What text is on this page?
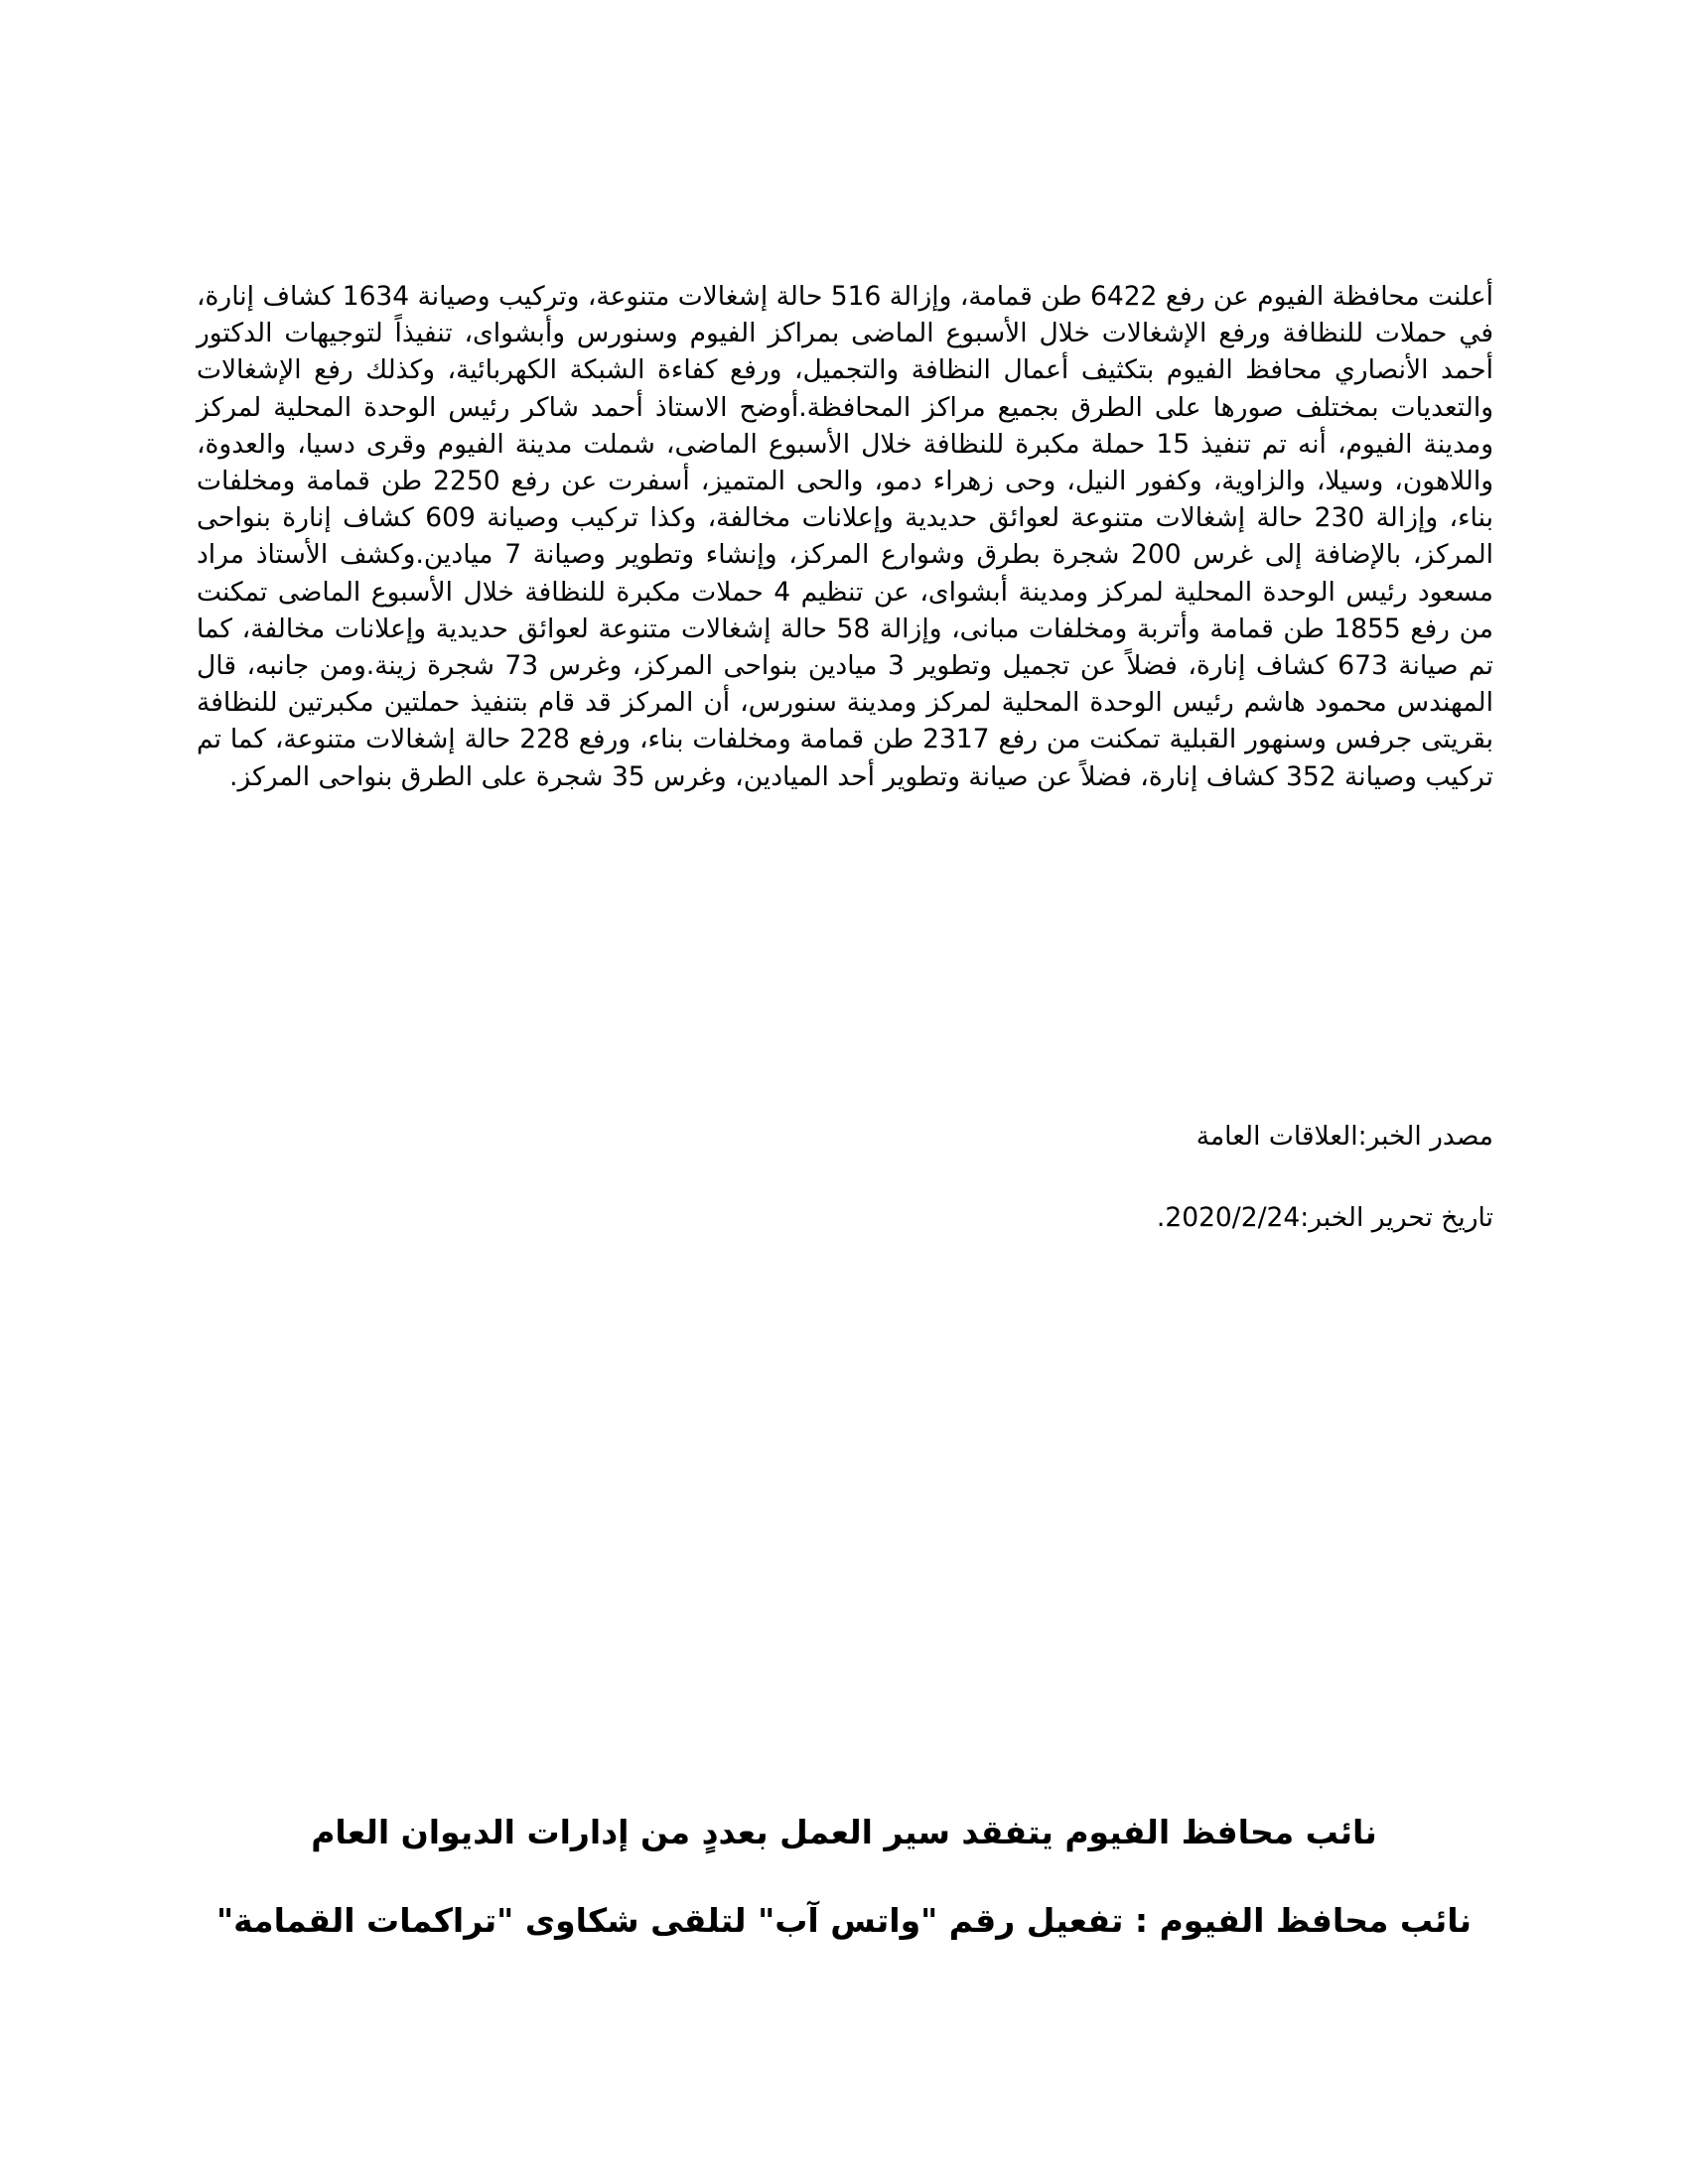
أعلنت محافظة الفيوم عن رفع 6422 طن قمامة، وإزالة 516 حالة إشغالات متنوعة، وتركيب وصيانة 1634 كشاف إنارة، في حملات للنظافة ورفع الإشغالات خلال الأسبوع الماضى بمراكز الفيوم وسنورس وأبشواى، تنفيذاً لتوجيهات الدكتور أحمد الأنصاري محافظ الفيوم بتكثيف أعمال النظافة والتجميل، ورفع كفاءة الشبكة الكهربائية، وكذلك رفع الإشغالات والتعديات بمختلف صورها على الطرق بجميع مراكز المحافظة.أوضح الاستاذ أحمد شاكر رئيس الوحدة المحلية لمركز ومدينة الفيوم، أنه تم تنفيذ 15 حملة مكبرة للنظافة خلال الأسبوع الماضى، شملت مدينة الفيوم وقرى دسيا، والعدوة، واللاهون، وسيلا، والزاوية، وكفور النيل، وحى زهراء دمو، والحى المتميز، أسفرت عن رفع 2250 طن قمامة ومخلفات بناء، وإزالة 230 حالة إشغالات متنوعة لعوائق حديدية وإعلانات مخالفة، وكذا تركيب وصيانة 609 كشاف إنارة بنواحى المركز، بالإضافة إلى غرس 200 شجرة بطرق وشوارع المركز، وإنشاء وتطوير وصيانة 7 ميادين.وكشف الأستاذ مراد مسعود رئيس الوحدة المحلية لمركز ومدينة أبشواى، عن تنظيم 4 حملات مكبرة للنظافة خلال الأسبوع الماضى تمكنت من رفع 1855 طن قمامة وأتربة ومخلفات مبانى، وإزالة 58 حالة إشغالات متنوعة لعوائق حديدية وإعلانات مخالفة، كما تم صيانة 673 كشاف إنارة، فضلاً عن تجميل وتطوير 3 ميادين بنواحى المركز، وغرس 73 شجرة زينة.ومن جانبه، قال المهندس محمود هاشم رئيس الوحدة المحلية لمركز ومدينة سنورس، أن المركز قد قام بتنفيذ حملتين مكبرتين للنظافة بقريتى جرفس وسنهور القبلية تمكنت من رفع 2317 طن قمامة ومخلفات بناء، ورفع 228 حالة إشغالات متنوعة، كما تم تركيب وصيانة 352 كشاف إنارة، فضلاً عن صيانة وتطوير أحد الميادين، وغرس 35 شجرة على الطرق بنواحى المركز.

مصدر الخبر:العلاقات العامة

تاريخ تحرير الخبر:2020/2/24.

نائب محافظ الفيوم يتفقد سير العمل بعددٍ من إدارات الديوان العام

نائب محافظ الفيوم : تفعيل رقم "واتس آب" لتلقى شكاوى "تراكمات القمامة"
